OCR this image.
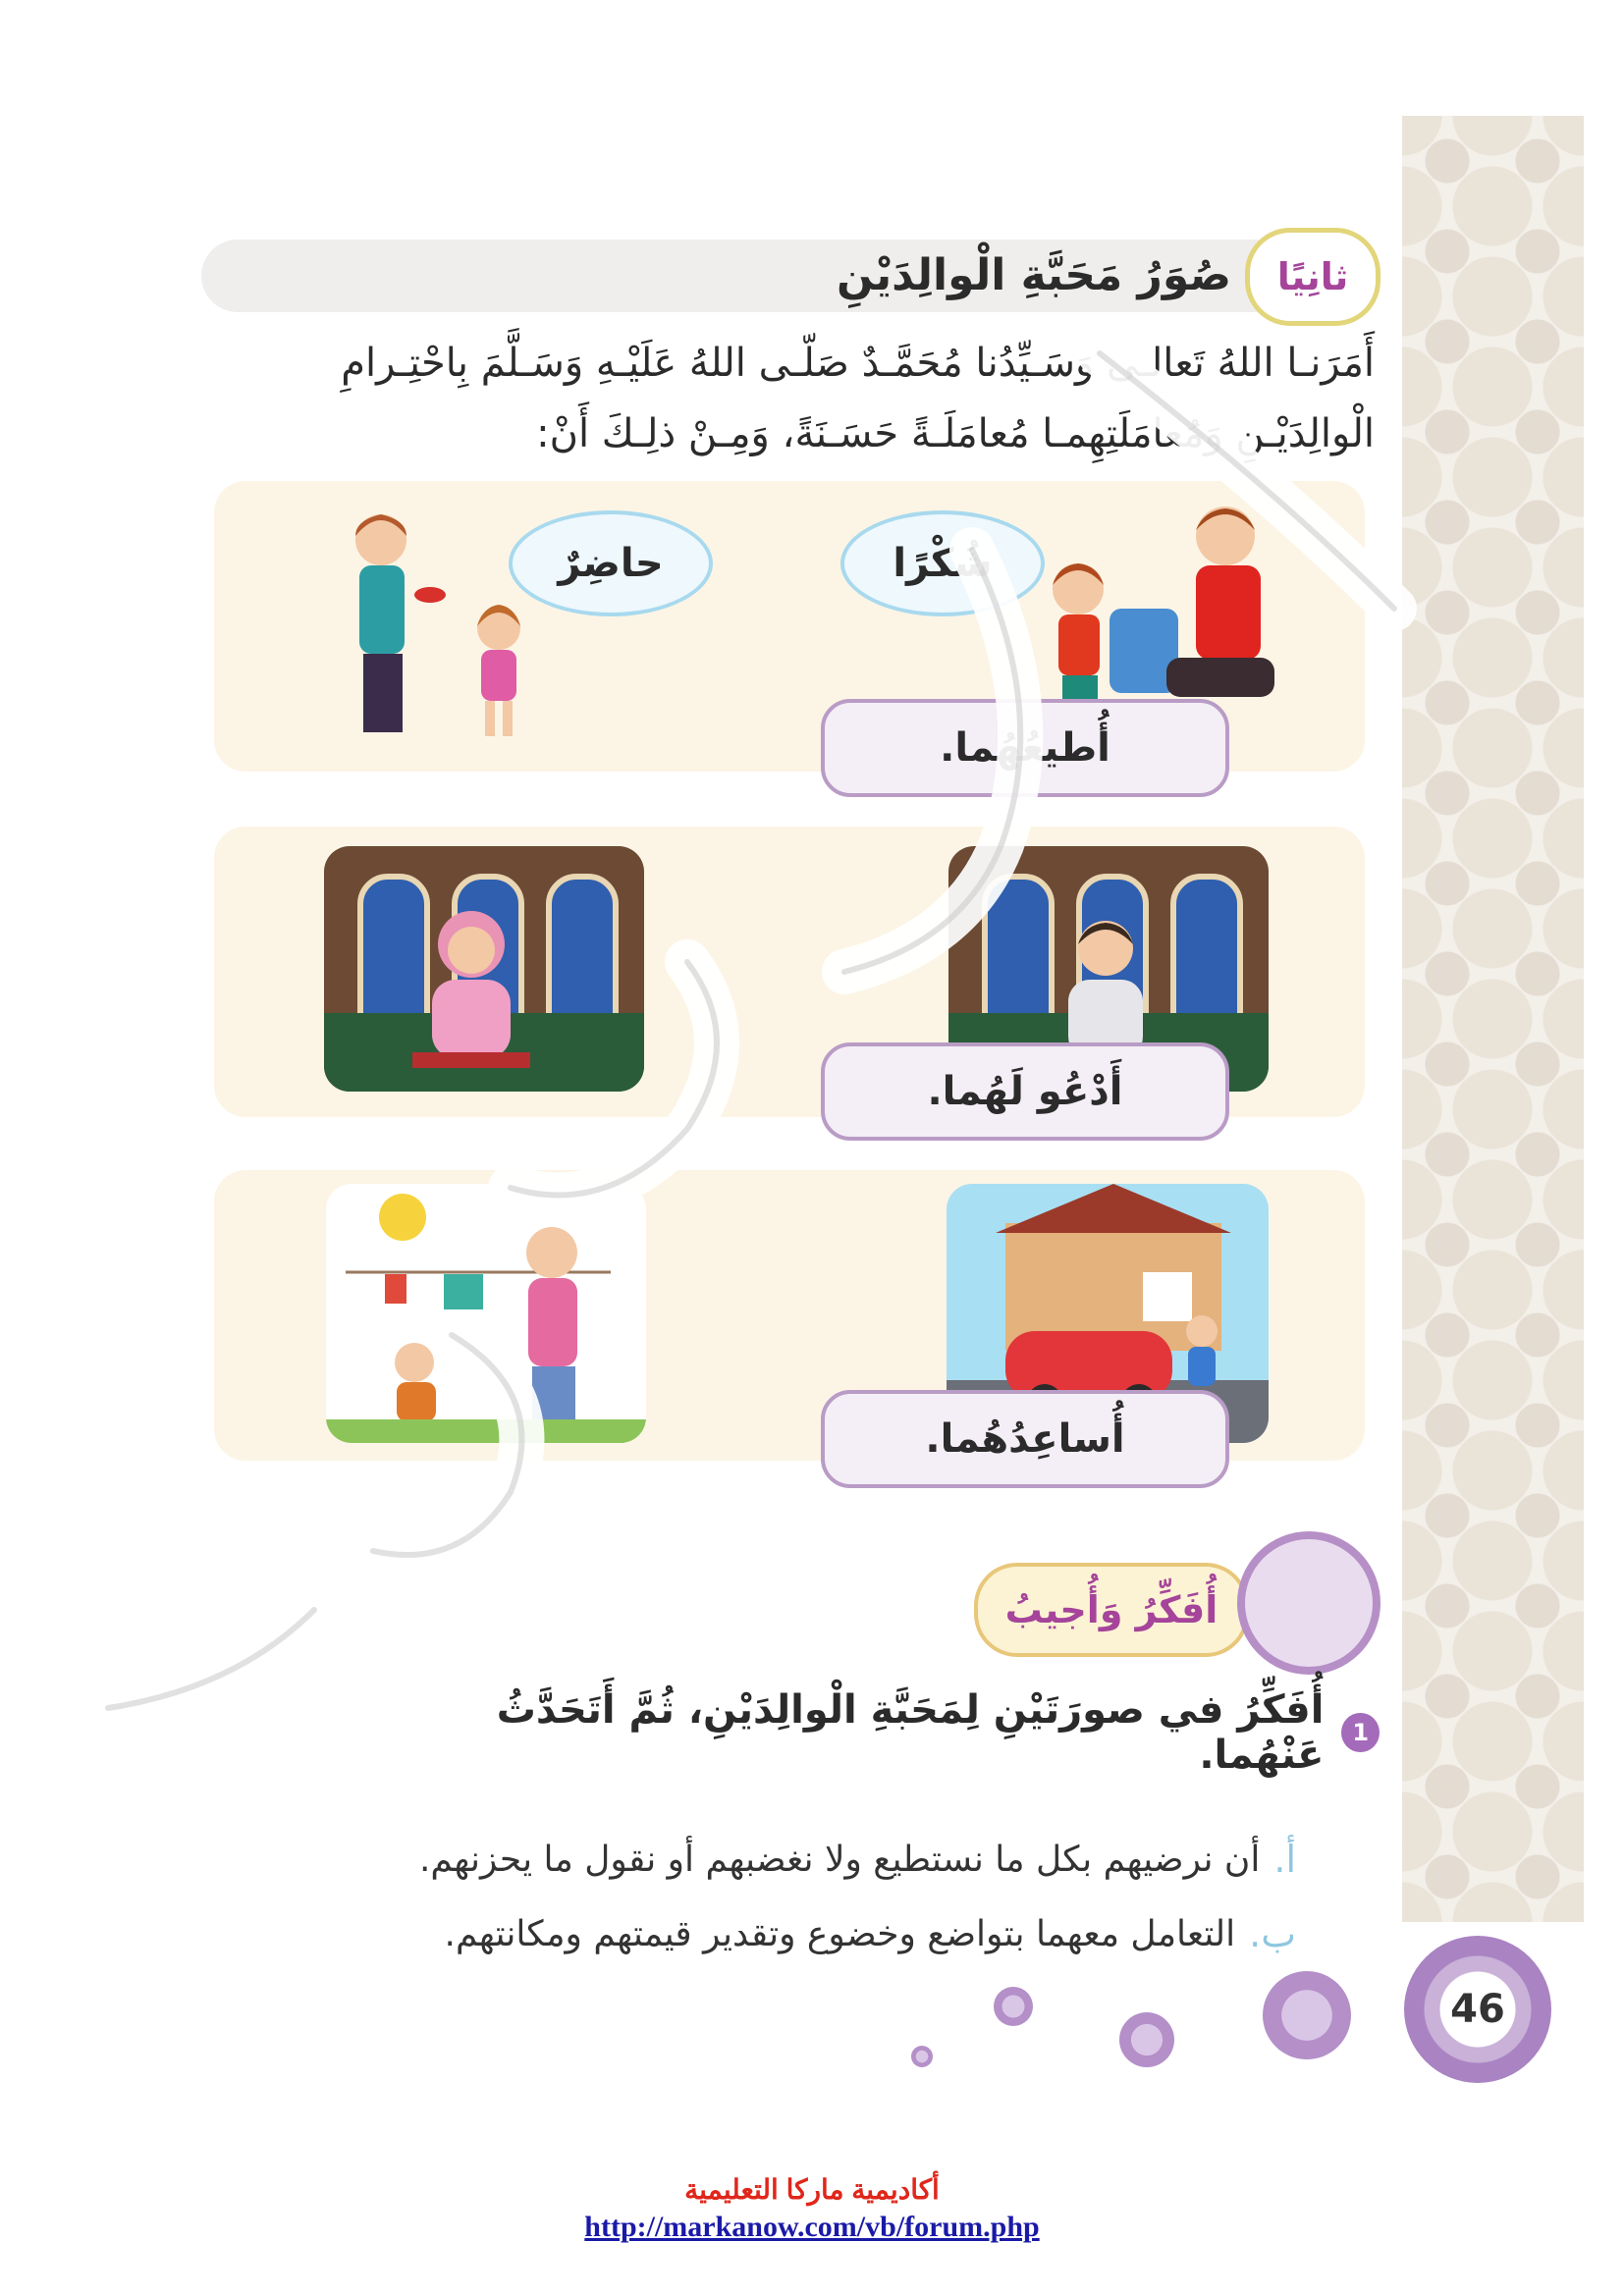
ثانِيًا
صُوَرُ مَحَبَّةِ الْوالِدَيْنِ
أَمَرَنـا اللهُ تَعالـى وَسَـيِّدُنا مُحَمَّـدٌ صَلّـى اللهُ عَلَيْـهِ وَسَـلَّمَ بِاحْتِـرامِ الْوالِدَيْـنِ وَمُعامَلَتِهِمـا مُعامَلَـةً حَسَـنَةً، وَمِـنْ ذلِـكَ أَنْ:
حاضِرٌ	شُكْرًا
أُطيعُهُما.
أَدْعُو لَهُما.
أُساعِدُهُما.
أُفَكِّرُ وَأُجيبُ
1
أُفَكِّرُ في صورَتَيْنِ لِمَحَبَّةِ الْوالِدَيْنِ، ثُمَّ أَتَحَدَّثُ عَنْهُما.
أ.
أن نرضيهم بكل ما نستطيع ولا نغضبهم أو نقول ما يحزنهم.
ب.
التعامل معهما بتواضع وخضوع وتقدير قيمتهم ومكانتهم.
46
أكاديمية ماركا التعليمية
http://markanow.com/vb/forum.php
